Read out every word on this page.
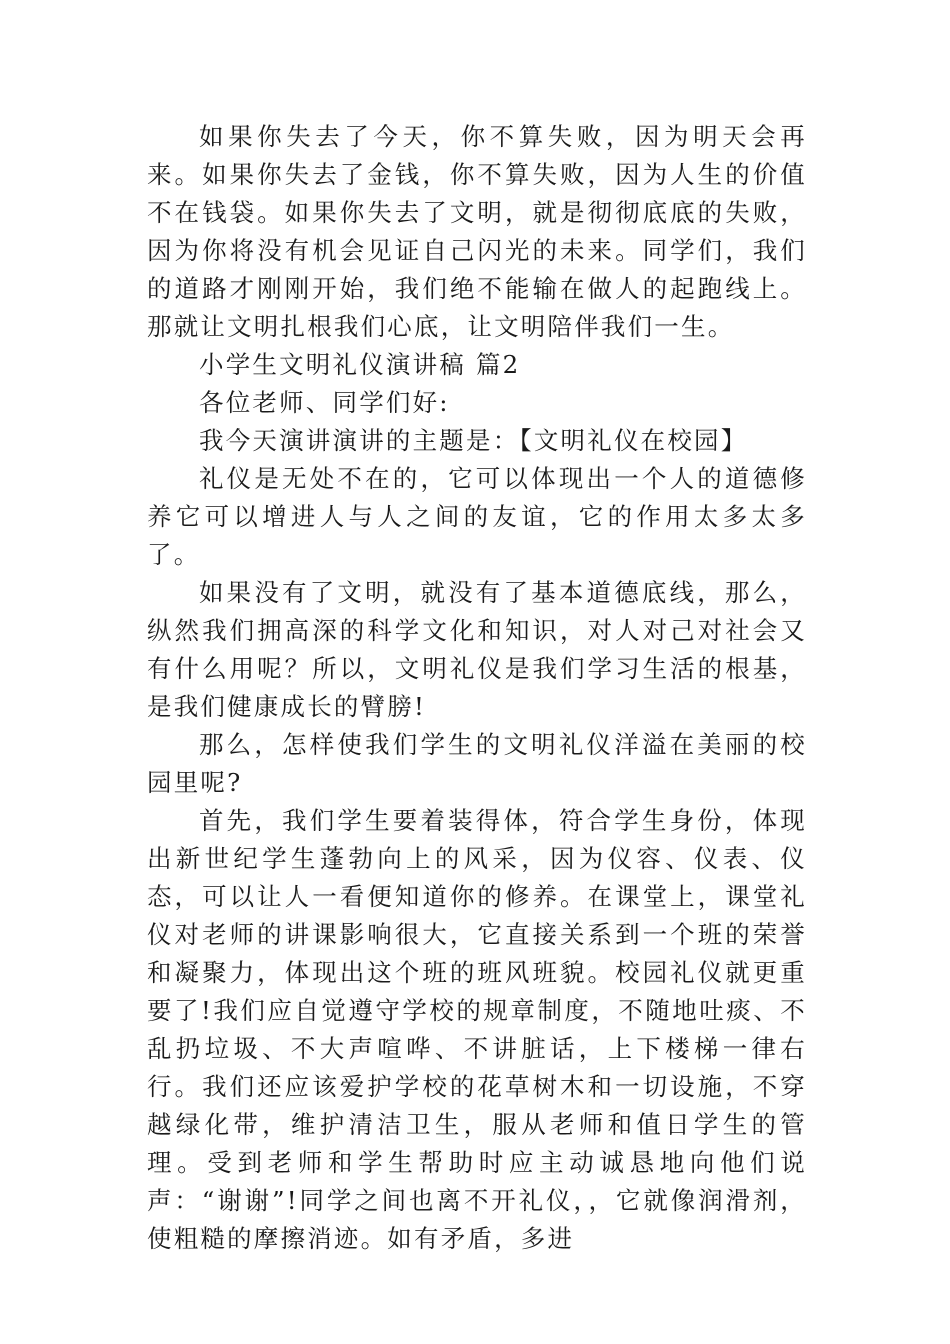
如果你失去了今天，你不算失败，因为明天会再来。如果你失去了金钱，你不算失败，因为人生的价值不在钱袋。如果你失去了文明，就是彻彻底底的失败，因为你将没有机会见证自己闪光的未来。同学们，我们的道路才刚刚开始，我们绝不能输在做人的起跑线上。那就让文明扎根我们心底，让文明陪伴我们一生。

小学生文明礼仪演讲稿 篇2

各位老师、同学们好:

我今天演讲演讲的主题是：【文明礼仪在校园】

礼仪是无处不在的，它可以体现出一个人的道德修养它可以增进人与人之间的友谊，它的作用太多太多了。

如果没有了文明，就没有了基本道德底线，那么，纵然我们拥高深的科学文化和知识，对人对己对社会又有什么用呢？所以，文明礼仪是我们学习生活的根基，是我们健康成长的臂膀!

那么，怎样使我们学生的文明礼仪洋溢在美丽的校园里呢?

首先，我们学生要着装得体，符合学生身份，体现出新世纪学生蓬勃向上的风采，因为仪容、仪表、仪态，可以让人一看便知道你的修养。在课堂上，课堂礼仪对老师的讲课影响很大，它直接关系到一个班的荣誉和凝聚力，体现出这个班的班风班貌。校园礼仪就更重要了!我们应自觉遵守学校的规章制度，不随地吐痰、不乱扔垃圾、不大声喧哗、不讲脏话，上下楼梯一律右行。我们还应该爱护学校的花草树木和一切设施，不穿越绿化带，维护清洁卫生，服从老师和值日学生的管理。受到老师和学生帮助时应主动诚恳地向他们说声：“谢谢”!同学之间也离不开礼仪，，它就像润滑剂，使粗糙的摩擦消迹。如有矛盾，多进
